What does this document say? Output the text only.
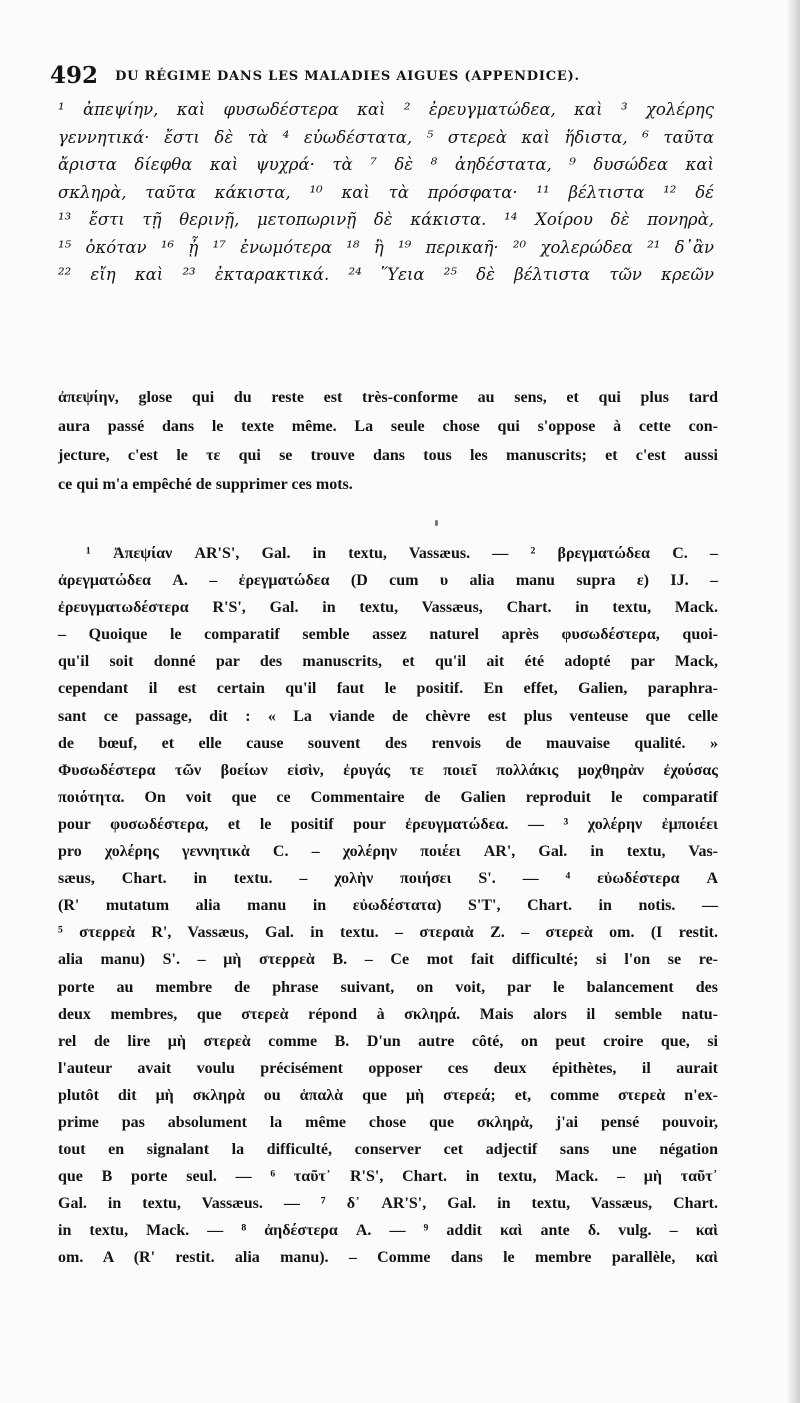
492 DU RÉGIME DANS LES MALADIES AIGUES (APPENDICE).
¹ ἀπεψίην, καὶ φυσωδέστερα καὶ ² ἐρευγματώδεα, καὶ ³ χολέρης
γεννητικά· ἔστι δὲ τὰ ⁴ εὐωδέστατα, ⁵ στερεὰ καὶ ἥδιστα, ⁶ ταῦτα
ἄριστα δίεφθα καὶ ψυχρά· τὰ ⁷ δὲ ⁸ ἀηδέστατα, ⁹ δυσώδεα καὶ
σκληρὰ, ταῦτα κάκιστα, ¹⁰ καὶ τὰ πρόσφατα· ¹¹ βέλτιστα ¹² δέ
¹³ ἔστι τῇ θερινῇ, μετοπωρινῇ δὲ κάκιστα. ¹⁴ Χοίρου δὲ πονηρὰ,
¹⁵ ὁκόταν ¹⁶ ᾖ ¹⁷ ἐνωμότερα ¹⁸ ἢ ¹⁹ περικαῆ· ²⁰ χολερώδεα ²¹ δ᾽ἂν
²² εἴη καὶ ²³ ἐκταρακτικά. ²⁴ Ὕεια ²⁵ δὲ βέλτιστα τῶν κρεῶν
ἀπεψίην, glose qui du reste est très-conforme au sens, et qui plus tard
aura passé dans le texte même. La seule chose qui s'oppose à cette con-
jecture, c'est le τε qui se trouve dans tous les manuscrits; et c'est aussi
ce qui m'a empêché de supprimer ces mots.
¹ Ἀπεψίαν AR'S', Gal. in textu, Vassæus. — ² βρεγματώδεα C. –
ἀρεγματώδεα A. – ἐρεγματώδεα (D cum υ alia manu supra ε) IJ. –
ἐρευγματωδέστερα R'S', Gal. in textu, Vassæus, Chart. in textu, Mack.
– Quoique le comparatif semble assez naturel après φυσωδέστερα, quoi-
qu'il soit donné par des manuscrits, et qu'il ait été adopté par Mack,
cependant il est certain qu'il faut le positif. En effet, Galien, paraphra-
sant ce passage, dit : « La viande de chèvre est plus venteuse que celle
de bœuf, et elle cause souvent des renvois de mauvaise qualité. »
Φυσωδέστερα τῶν βοείων εἰσὶν, ἐρυγάς τε ποιεῖ πολλάκις μοχθηρὰν ἐχούσας
ποιότητα. On voit que ce Commentaire de Galien reproduit le comparatif
pour φυσωδέστερα, et le positif pour ἐρευγματώδεα. — ³ χολέρην ἐμποιέει
pro χολέρης γεννητικὰ C. – χολέρην ποιέει AR', Gal. in textu, Vas-
sæus, Chart. in textu. – χολὴν ποιήσει S'. — ⁴ εὐωδέστερα A
(R' mutatum alia manu in εὐωδέστατα) S'T', Chart. in notis. —
⁵ στερρεὰ R', Vassæus, Gal. in textu. – στεραιὰ Z. – στερεὰ om. (I restit.
alia manu) S'. – μὴ στερρεὰ B. – Ce mot fait difficulté; si l'on se re-
porte au membre de phrase suivant, on voit, par le balancement des
deux membres, que στερεὰ répond à σκληρά. Mais alors il semble natu-
rel de lire μὴ στερεὰ comme B. D'un autre côté, on peut croire que, si
l'auteur avait voulu précisément opposer ces deux épithètes, il aurait
plutôt dit μὴ σκληρὰ ou ἁπαλὰ que μὴ στερεά; et, comme στερεὰ n'ex-
prime pas absolument la même chose que σκληρὰ, j'ai pensé pouvoir,
tout en signalant la difficulté, conserver cet adjectif sans une négation
que B porte seul. — ⁶ ταῦτ᾽ R'S', Chart. in textu, Mack. – μὴ ταῦτ᾽
Gal. in textu, Vassæus. — ⁷ δ᾽ AR'S', Gal. in textu, Vassæus, Chart.
in textu, Mack. — ⁸ ἀηδέστερα A. — ⁹ addit καὶ ante δ. vulg. – καὶ
om. A (R' restit. alia manu). – Comme dans le membre parallèle, καὶ
